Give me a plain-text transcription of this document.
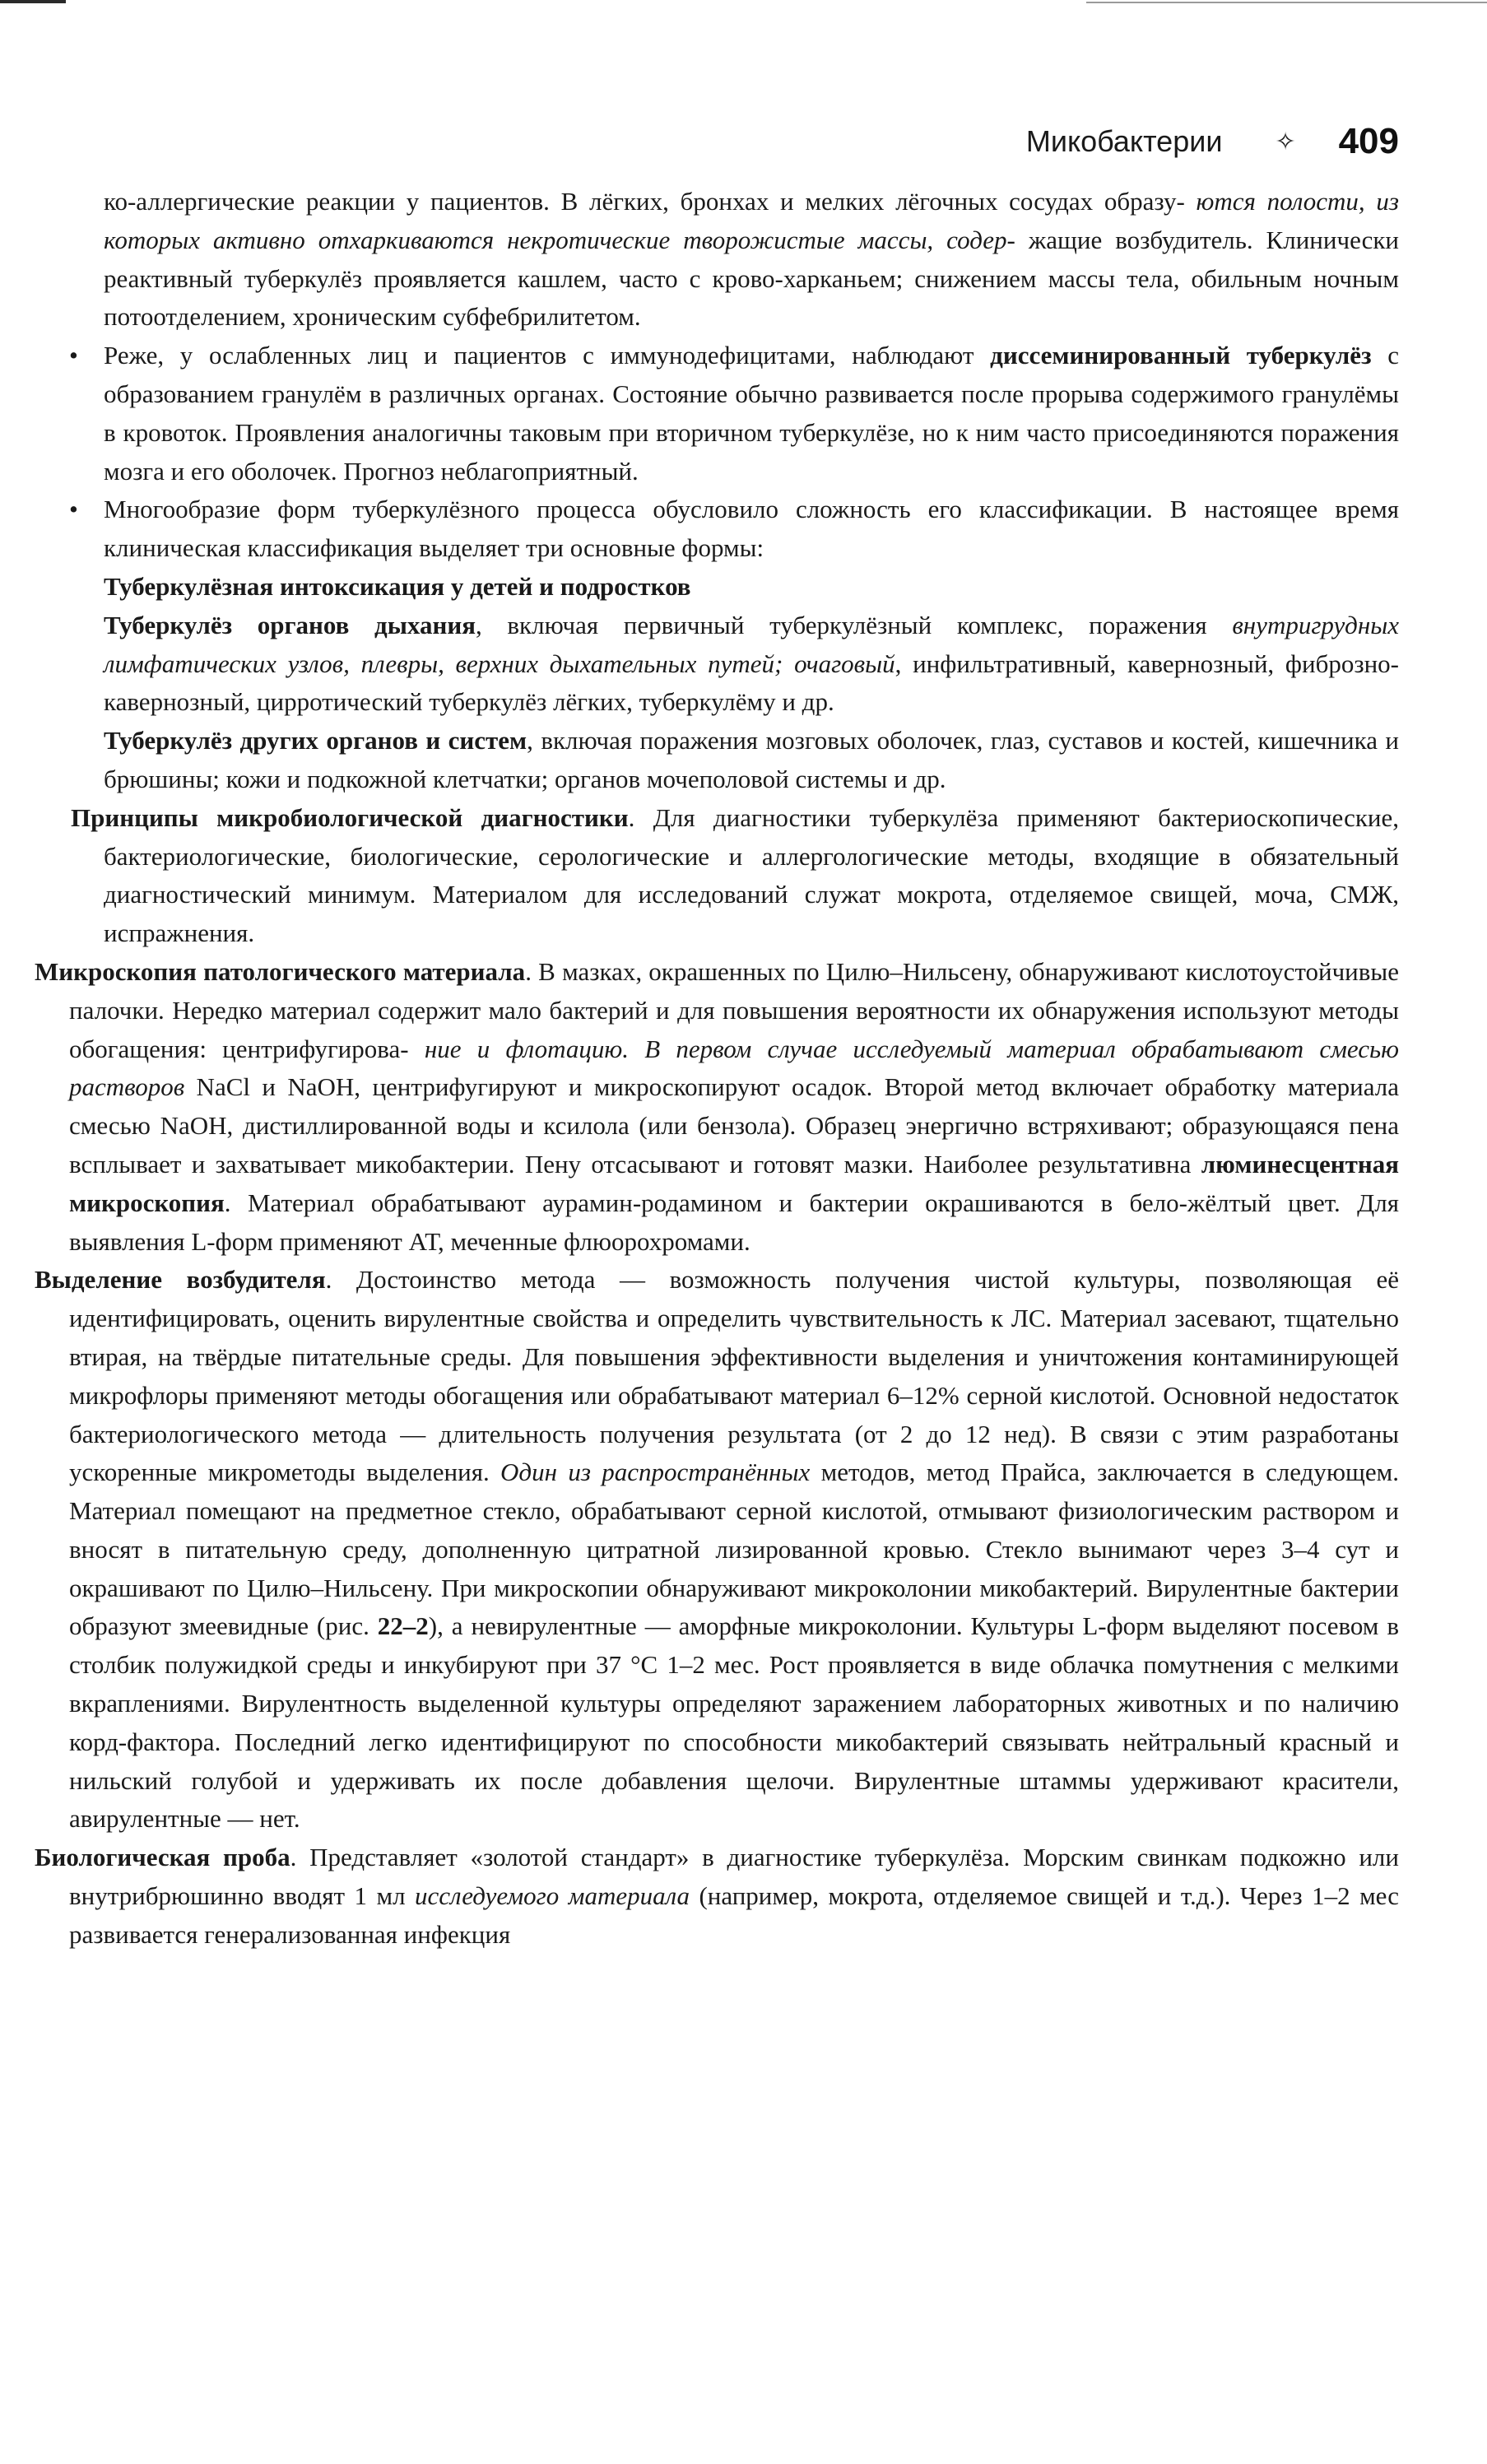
Микобактерии ✧ 409

ко-аллергические реакции у пациентов. В лёгких, бронхах и мелких лёгочных сосудах образу- ются полости, из которых активно отхаркиваются некротические творожистые массы, содер- жащие возбудитель. Клинически реактивный туберкулёз проявляется кашлем, часто с крово-харканьем; снижением массы тела, обильным ночным потоотделением, хроническим субфебрилитетом.

• Реже, у ослабленных лиц и пациентов с иммунодефицитами, наблюдают диссеминированный туберкулёз с образованием гранулём в различных органах. Состояние обычно развивается после прорыва содержимого гранулёмы в кровоток. Проявления аналогичны таковым при вторичном туберкулёзе, но к ним часто присоединяются поражения мозга и его оболочек. Прогноз неблагоприятный.

• Многообразие форм туберкулёзного процесса обусловило сложность его классификации. В настоящее время клиническая классификация выделяет три основные формы:

Туберкулёзная интоксикация у детей и подростков

Туберкулёз органов дыхания, включая первичный туберкулёзный комплекс, поражения внутригрудных лимфатических узлов, плевры, верхних дыхательных путей; очаговый, инфильтративный, кавернозный, фиброзно-кавернозный, цирротический туберкулёз лёгких, туберкулёму и др.

Туберкулёз других органов и систем, включая поражения мозговых оболочек, глаз, суставов и костей, кишечника и брюшины; кожи и подкожной клетчатки; органов мочеполовой системы и др.

Принципы микробиологической диагностики. Для диагностики туберкулёза применяют бактериоскопические, бактериологические, биологические, серологические и аллергологические методы, входящие в обязательный диагностический минимум. Материалом для исследований служат мокрота, отделяемое свищей, моча, СМЖ, испражнения.

Микроскопия патологического материала. В мазках, окрашенных по Цилю–Нильсену, обнаруживают кислотоустойчивые палочки. Нередко материал содержит мало бактерий и для повышения вероятности их обнаружения используют методы обогащения: центрифугирова- ние и флотацию. В первом случае исследуемый материал обрабатывают смесью растворов NaCl и NaOH, центрифугируют и микроскопируют осадок. Второй метод включает обработку материала смесью NaOH, дистиллированной воды и ксилола (или бензола). Образец энергично встряхивают; образующаяся пена всплывает и захватывает микобактерии. Пену отсасывают и готовят мазки. Наиболее результативна люминесцентная микроскопия. Материал обрабатывают аурамин-родамином и бактерии окрашиваются в бело-жёлтый цвет. Для выявления L-форм применяют АТ, меченные флюорохромами.

Выделение возбудителя. Достоинство метода — возможность получения чистой культуры, позволяющая её идентифицировать, оценить вирулентные свойства и определить чувствительность к ЛС. Материал засевают, тщательно втирая, на твёрдые питательные среды. Для повышения эффективности выделения и уничтожения контаминирующей микрофлоры применяют методы обогащения или обрабатывают материал 6–12% серной кислотой. Основной недостаток бактериологического метода — длительность получения результата (от 2 до 12 нед). В связи с этим разработаны ускоренные микрометоды выделения. Один из распространённых методов, метод Прайса, заключается в следующем. Материал помещают на предметное стекло, обрабатывают серной кислотой, отмывают физиологическим раствором и вносят в питательную среду, дополненную цитратной лизированной кровью. Стекло вынимают через 3–4 сут и окрашивают по Цилю–Нильсену. При микроскопии обнаруживают микроколонии микобактерий. Вирулентные бактерии образуют змеевидные (рис. 22–2), а невирулентные — аморфные микроколонии. Культуры L-форм выделяют посевом в столбик полужидкой среды и инкубируют при 37 °С 1–2 мес. Рост проявляется в виде облачка помутнения с мелкими вкраплениями. Вирулентность выделенной культуры определяют заражением лабораторных животных и по наличию корд-фактора. Последний легко идентифицируют по способности микобактерий связывать нейтральный красный и нильский голубой и удерживать их после добавления щелочи. Вирулентные штаммы удерживают красители, авирулентные — нет.

Биологическая проба. Представляет «золотой стандарт» в диагностике туберкулёза. Морским свинкам подкожно или внутрибрюшинно вводят 1 мл исследуемого материала (например, мокрота, отделяемое свищей и т.д.). Через 1–2 мес развивается генерализованная инфекция
